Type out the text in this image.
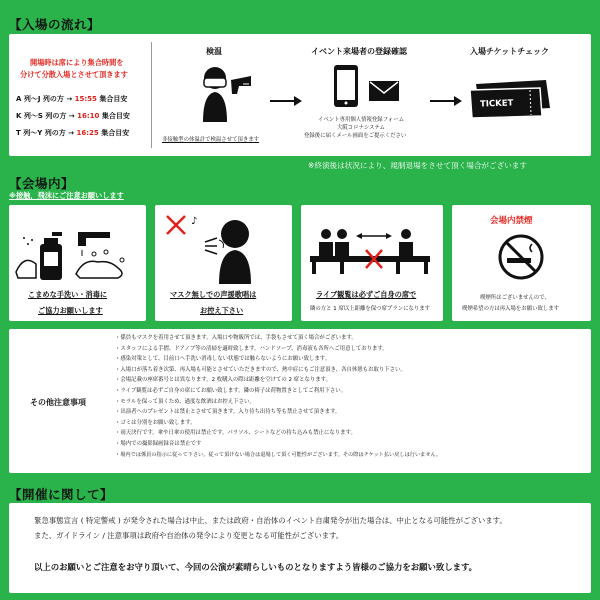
【入場の流れ】
開場時は席により集合時間を
分けて分散入場とさせて頂きます
A 列～J 列の方 → 15:55 集合目安
K 列～S 列の方 → 16:10 集合目安
T 列～Y 列の方 → 16:25 集合目安
検温
非接触型の体温計で検温させて頂きます
イベント来場者の登録確認
イベント専用個人情報登録フォーム
大阪コロナシステム
登録後に届くメール画面をご提示ください
入場チケットチェック
TICKET
※終演後は状況により、規制退場をさせて頂く場合がございます
【会場内】
※接触，飛沫にご注意お願いします
こまめな手洗い・消毒に
ご協力お願いします
♪
マスク無しでの声援歌唱は
お控え下さい
ライブ観覧は必ずご自身の席で
隣の方と 1 席以上距離を保つ席プランになります
会場内禁煙
喫煙所はございませんので、
喫煙希望の方は再入場をお願い致します
その他注意事項
・係員もマスクを着用させて頂きます。入場口や物販所では、手袋もさせて頂く場合がございます。
・スタッフによる手摺、ドアノブ等の清掃を適時致します。ハンドソープ、消毒液も各所へご用意しております。
・感染対策として、目前口へ手洗い消毒しない状態では触らないようにお願い致します。
・入場口が落ち着き次第、再入場も可能とさせていただきますので、熱中症にもご注意頂き、各自休憩もお取り下さい。
・会場記載の座席番号とは異なります。2 枚購入の際は距離を空けての 2 席となります。
・ライブ観覧は必ずご自身の席にてお願い致します。隣の椅子は荷物置きとしてご利用下さい。
・モラルを保って頂くため、過度な飲酒はお控え下さい。
・出演者へのプレゼントは禁止とさせて頂きます。入り待ち出待ち等も禁止させて頂きます。
・ゴミは分別をお願い致します。
・雨天決行です。傘や日傘の使用は禁止です。パラソル、シートなどの持ち込みも禁止になります。
・場内での撮影録画録音は禁止です
・場内では係員の指示に従って下さい。従って頂けない場合は退場して頂く可能性がございます。その際はチケット払い戻しは行いません。
【開催に関して】
緊急事態宣言 ( 特定警戒 ) が発令された場合は中止、または政府・自治体のイベント自粛発令が出た場合は、中止となる可能性がございます。
また、ガイドライン / 注意事項は政府や自治体の発令により変更となる可能性がございます。
以上のお願いとご注意をお守り頂いて、今回の公演が素晴らしいものとなりますよう皆様のご協力をお願い致します。
